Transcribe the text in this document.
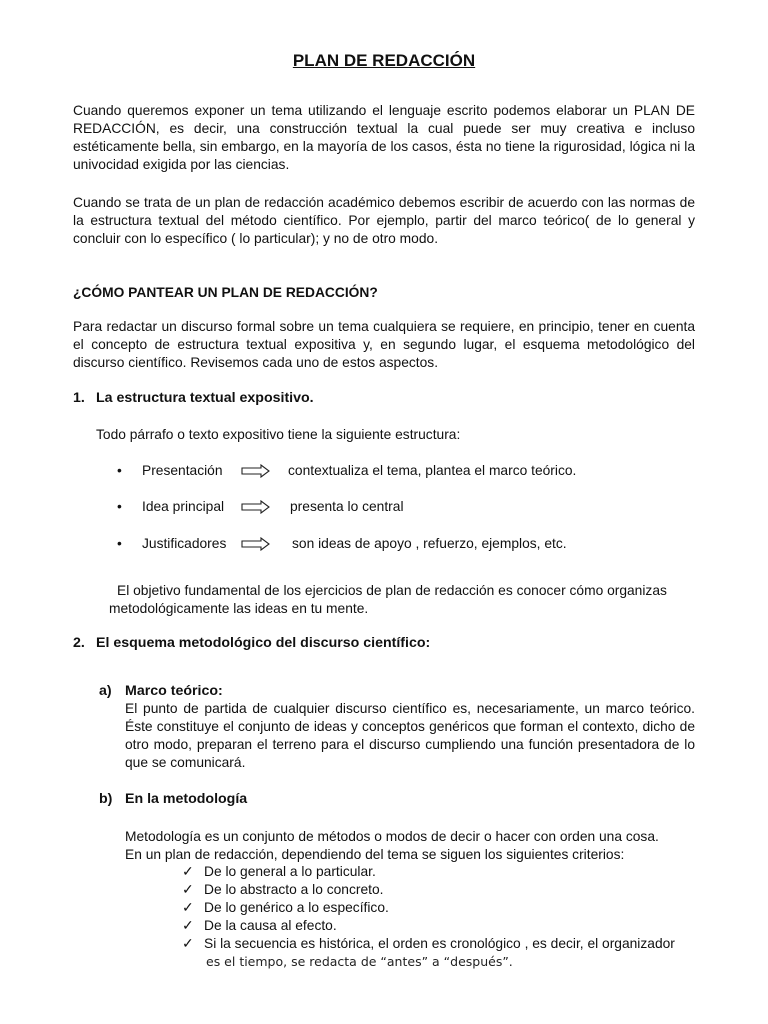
PLAN DE REDACCIÓN
Cuando queremos exponer un tema utilizando el lenguaje escrito podemos elaborar un PLAN DE REDACCIÓN, es decir, una construcción textual la cual puede ser muy creativa e incluso estéticamente bella, sin embargo, en la mayoría de los casos, ésta no tiene la rigurosidad, lógica ni la univocidad exigida por las ciencias.
Cuando se trata de un plan de redacción académico debemos escribir de acuerdo con las normas de la estructura textual del método científico. Por ejemplo, partir del marco teórico( de lo general y concluir con lo específico ( lo particular); y no de otro modo.
¿CÓMO PANTEAR UN PLAN DE REDACCIÓN?
Para redactar un discurso formal sobre un tema cualquiera se requiere, en principio, tener en cuenta el concepto de estructura textual expositiva y, en segundo lugar, el esquema metodológico del discurso científico. Revisemos cada uno de estos aspectos.
1. La estructura textual expositivo.
Todo párrafo o texto expositivo tiene la siguiente estructura:
• Presentación	contextualiza el tema, plantea el marco teórico.
• Idea principal	presenta lo central
• Justificadores	son ideas de apoyo , refuerzo, ejemplos, etc.
El objetivo fundamental de los ejercicios de plan de redacción es conocer cómo organizas
metodológicamente las ideas en tu mente.
2. El esquema metodológico del discurso científico:
a) Marco teórico:
El punto de partida de cualquier discurso científico es, necesariamente, un marco teórico. Éste constituye el conjunto de ideas y conceptos genéricos que forman el contexto, dicho de otro modo, preparan el terreno para el discurso cumpliendo una función presentadora de lo que se comunicará.
b) En la metodología
Metodología es un conjunto de métodos o modos de decir o hacer con orden una cosa.
En un plan de redacción, dependiendo del tema se siguen los siguientes criterios:
✓ De lo general a lo particular.
✓ De lo abstracto a lo concreto.
✓ De lo genérico a lo específico.
✓ De la causa al efecto.
✓ Si la secuencia es histórica, el orden es cronológico , es decir, el organizador
es el tiempo, se redacta de “antes” a “después”.
